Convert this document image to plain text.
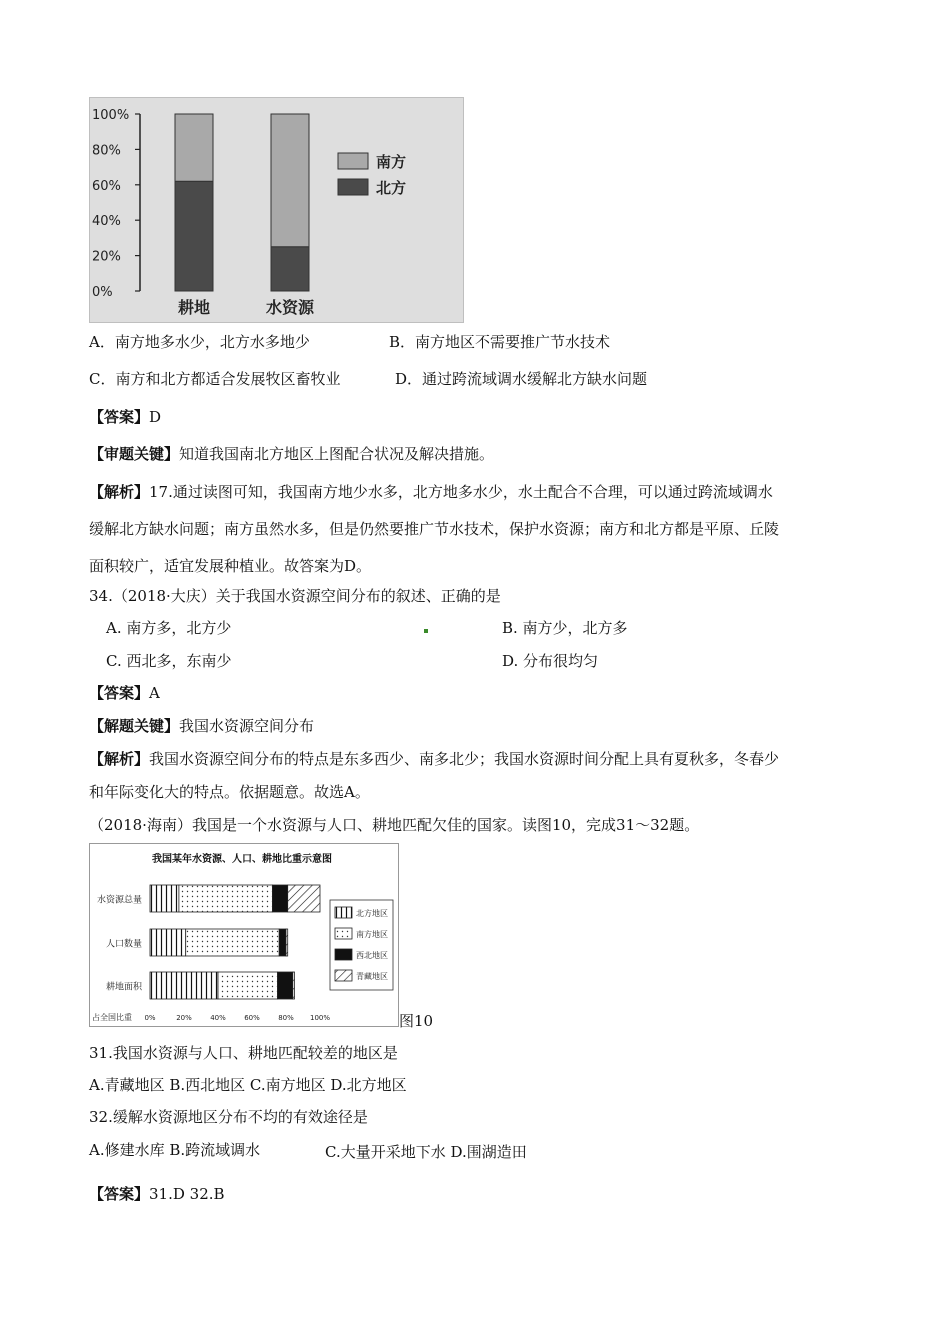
100%
80%
60%
40%
20%
0%
耕地	水资源
南方
北方
A．南方地多水少，北方水多地少	B．南方地区不需要推广节水技术
C．南方和北方都适合发展牧区畜牧业	D．通过跨流域调水缓解北方缺水问题
【答案】D
【审题关键】知道我国南北方地区上图配合状况及解决措施。
【解析】17.通过读图可知，我国南方地少水多，北方地多水少，水土配合不合理，可以通过跨流域调水
缓解北方缺水问题；南方虽然水多，但是仍然要推广节水技术，保护水资源；南方和北方都是平原、丘陵
面积较广，适宜发展种植业。故答案为D。
34.（2018·大庆）关于我国水资源空间分布的叙述、正确的是
A. 南方多，北方少	B. 南方少，北方多
C. 西北多，东南少	D. 分布很均匀
【答案】A
【解题关键】我国水资源空间分布
【解析】我国水资源空间分布的特点是东多西少、南多北少；我国水资源时间分配上具有夏秋多，冬春少
和年际变化大的特点。依据题意。故选A。
（2018·海南）我国是一个水资源与人口、耕地匹配欠佳的国家。读图10，完成31～32题。
我国某年水资源、人口、耕地比重示意图
水资源总量
人口数量
耕地面积
占全国比重 0%	20%	40%	60%	80% 100%
北方地区
南方地区
西北地区
青藏地区
图10
31.我国水资源与人口、耕地匹配较差的地区是
A.青藏地区 B.西北地区 C.南方地区 D.北方地区
32.缓解水资源地区分布不均的有效途径是
A.修建水库 B.跨流域调水	C.大量开采地下水 D.围湖造田
【答案】31.D 32.B
